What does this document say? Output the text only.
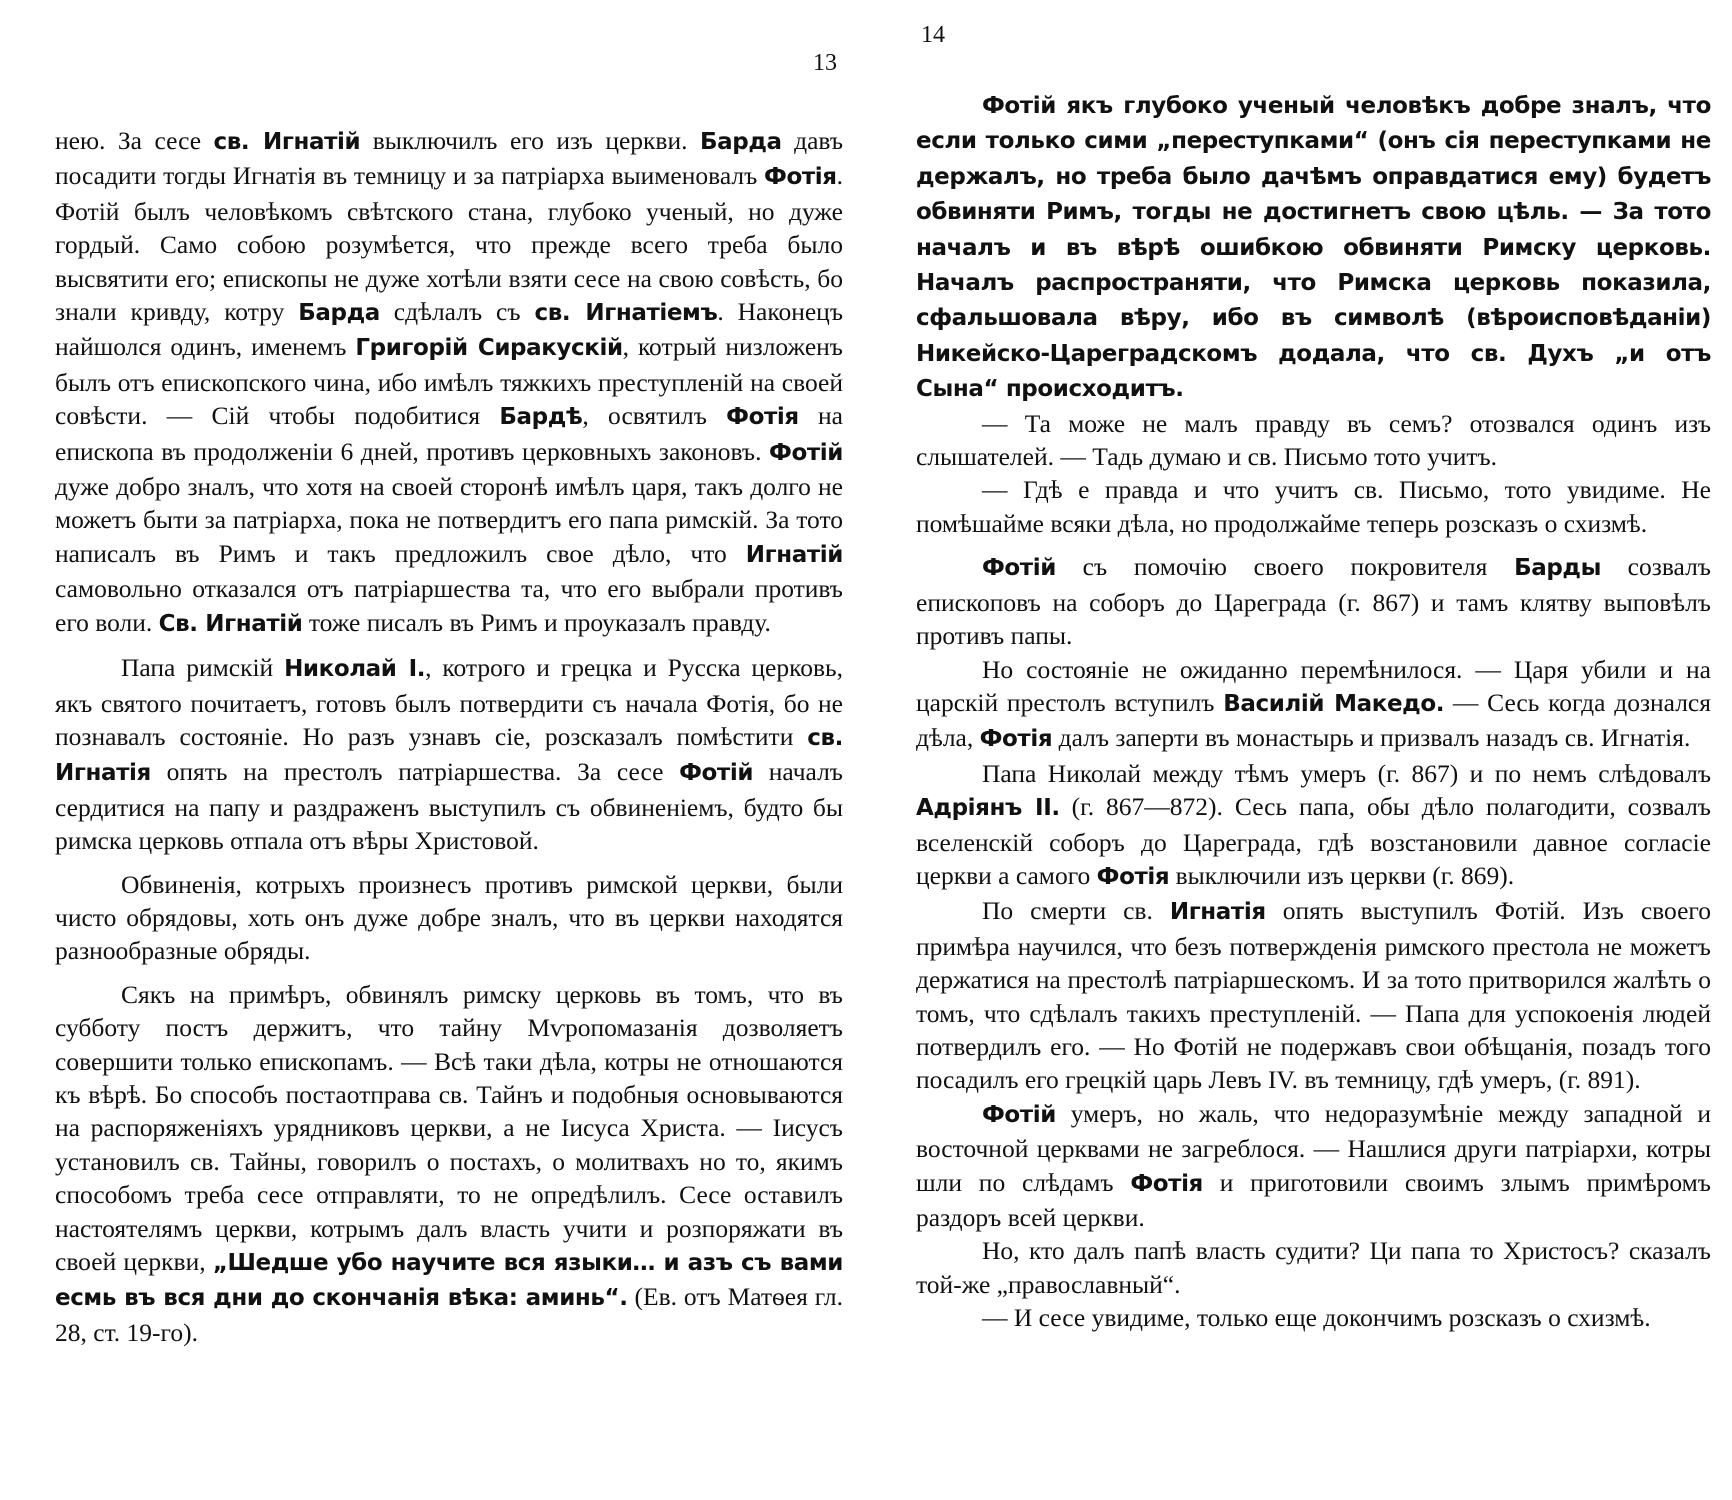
13

нею. За сесе св. Игнатій выключилъ его изъ церкви. Барда давъ посадити тогды Игнатія въ темницу и за патріарха выименовалъ Фотія. Фотій былъ человѣкомъ свѣтского стана, глубоко ученый, но дуже гордый. Само собою розумѣется, что прежде всего треба было высвятити его; епископы не дуже хотѣли взяти сесе на свою совѣсть, бо знали кривду, котру Барда сдѣлалъ съ св. Игнатіемъ. Наконецъ найшолся одинъ, именемъ Григорій Сиракускій, котрый низложенъ былъ отъ епископского чина, ибо имѣлъ тяжкихъ преступленій на своей совѣсти. — Сій чтобы подобитися Бардѣ, освятилъ Фотія на епископа въ продолженіи 6 дней, противъ церковныхъ законовъ. Фотій дуже добро зналъ, что хотя на своей сторонѣ имѣлъ царя, такъ долго не можетъ быти за патріарха, пока не потвердитъ его папа римскій. За тото написалъ въ Римъ и такъ предложилъ свое дѣло, что Игнатій самовольно отказался отъ патріаршества та, что его выбрали противъ его воли. Св. Игнатій тоже писалъ въ Римъ и проуказалъ правду.

Папа римскій Николай I., котрого и грецка и Русска церковь, якъ святого почитаетъ, готовъ былъ потвердити съ начала Фотія, бо не познавалъ состояніе. Но разъ узнавъ сіе, розсказалъ помѣстити св. Игнатія опять на престолъ патріаршества. За сесе Фотій началъ сердитися на папу и раздраженъ выступилъ съ обвиненіемъ, будто бы римска церковь отпала отъ вѣры Христовой.

Обвиненія, котрыхъ произнесъ противъ римской церкви, были чисто обрядовы, хоть онъ дуже добре зналъ, что въ церкви находятся разнообразные обряды.

Сякъ на примѣръ, обвинялъ римску церковь въ томъ, что въ субботу постъ держитъ, что тайну Мѵропомазанія дозволяетъ совершити только епископамъ. — Всѣ таки дѣла, котры не отношаются къ вѣрѣ. Бо способъ постаотправа св. Тайнъ и подобныя основываются на распоряженіяхъ урядниковъ церкви, а не Іисуса Христа. — Іисусъ установилъ св. Тайны, говорилъ о постахъ, о молитвахъ но то, якимъ способомъ треба сесе отправляти, то не опредѣлилъ. Сесе оставилъ настоятелямъ церкви, котрымъ далъ власть учити и розпоряжати въ своей церкви, „Шедше убо научите вся языки… и азъ съ вами есмь въ вся дни до скончанія вѣка: аминь“. (Ев. отъ Матѳея гл. 28, ст. 19-го).

14

Фотій якъ глубоко ученый человѣкъ добре зналъ, что если только сими „переступками“ (онъ сія переступками не держалъ, но треба было дачѣмъ оправдатися ему) будетъ обвиняти Римъ, тогды не достигнетъ свою цѣль. — За тото началъ и въ вѣрѣ ошибкою обвиняти Римску церковь. Началъ распространяти, что Римска церковь показила, сфальшовала вѣру, ибо въ символѣ (вѣроисповѣданіи) Никейско-Цареградскомъ додала, что св. Духъ „и отъ Сына“ происходитъ.

— Та може не малъ правду въ семъ? отозвался одинъ изъ слышателей. — Тадь думаю и св. Письмо тото учитъ.

— Гдѣ е правда и что учитъ св. Письмо, тото увидиме. Не помѣшайме всяки дѣла, но продолжайме теперь розсказъ о схизмѣ.

Фотій съ помочію своего покровителя Барды созвалъ епископовъ на соборъ до Цареграда (г. 867) и тамъ клятву выповѣлъ противъ папы.

Но состояніе не ожиданно перемѣнилося. — Царя убили и на царскій престолъ вступилъ Василій Македо. — Сесь когда дознался дѣла, Фотія далъ заперти въ монастырь и призвалъ назадъ св. Игнатія.

Папа Николай между тѣмъ умеръ (г. 867) и по немъ слѣдовалъ Адріянъ II. (г. 867—872). Сесь папа, обы дѣло полагодити, созвалъ вселенскій соборъ до Цареграда, гдѣ возстановили давное согласіе церкви а самого Фотія выключили изъ церкви (г. 869).

По смерти св. Игнатія опять выступилъ Фотій. Изъ своего примѣра научился, что безъ потвержденія римского престола не можетъ держатися на престолѣ патріаршескомъ. И за тото притворился жалѣть о томъ, что сдѣлалъ такихъ преступленій. — Папа для успокоенія людей потвердилъ его. — Но Фотій не подержавъ свои обѣщанія, позадъ того посадилъ его грецкій царь Левъ IV. въ темницу, гдѣ умеръ, (г. 891).

Фотій умеръ, но жаль, что недоразумѣніе между западной и восточной церквами не загреблося. — Нашлися други патріархи, котры шли по слѣдамъ Фотія и приготовили своимъ злымъ примѣромъ раздоръ всей церкви.

Но, кто далъ папѣ власть судити? Ци папа то Христосъ? сказалъ той-же „православный“.

— И сесе увидиме, только еще докончимъ розсказъ о схизмѣ.
